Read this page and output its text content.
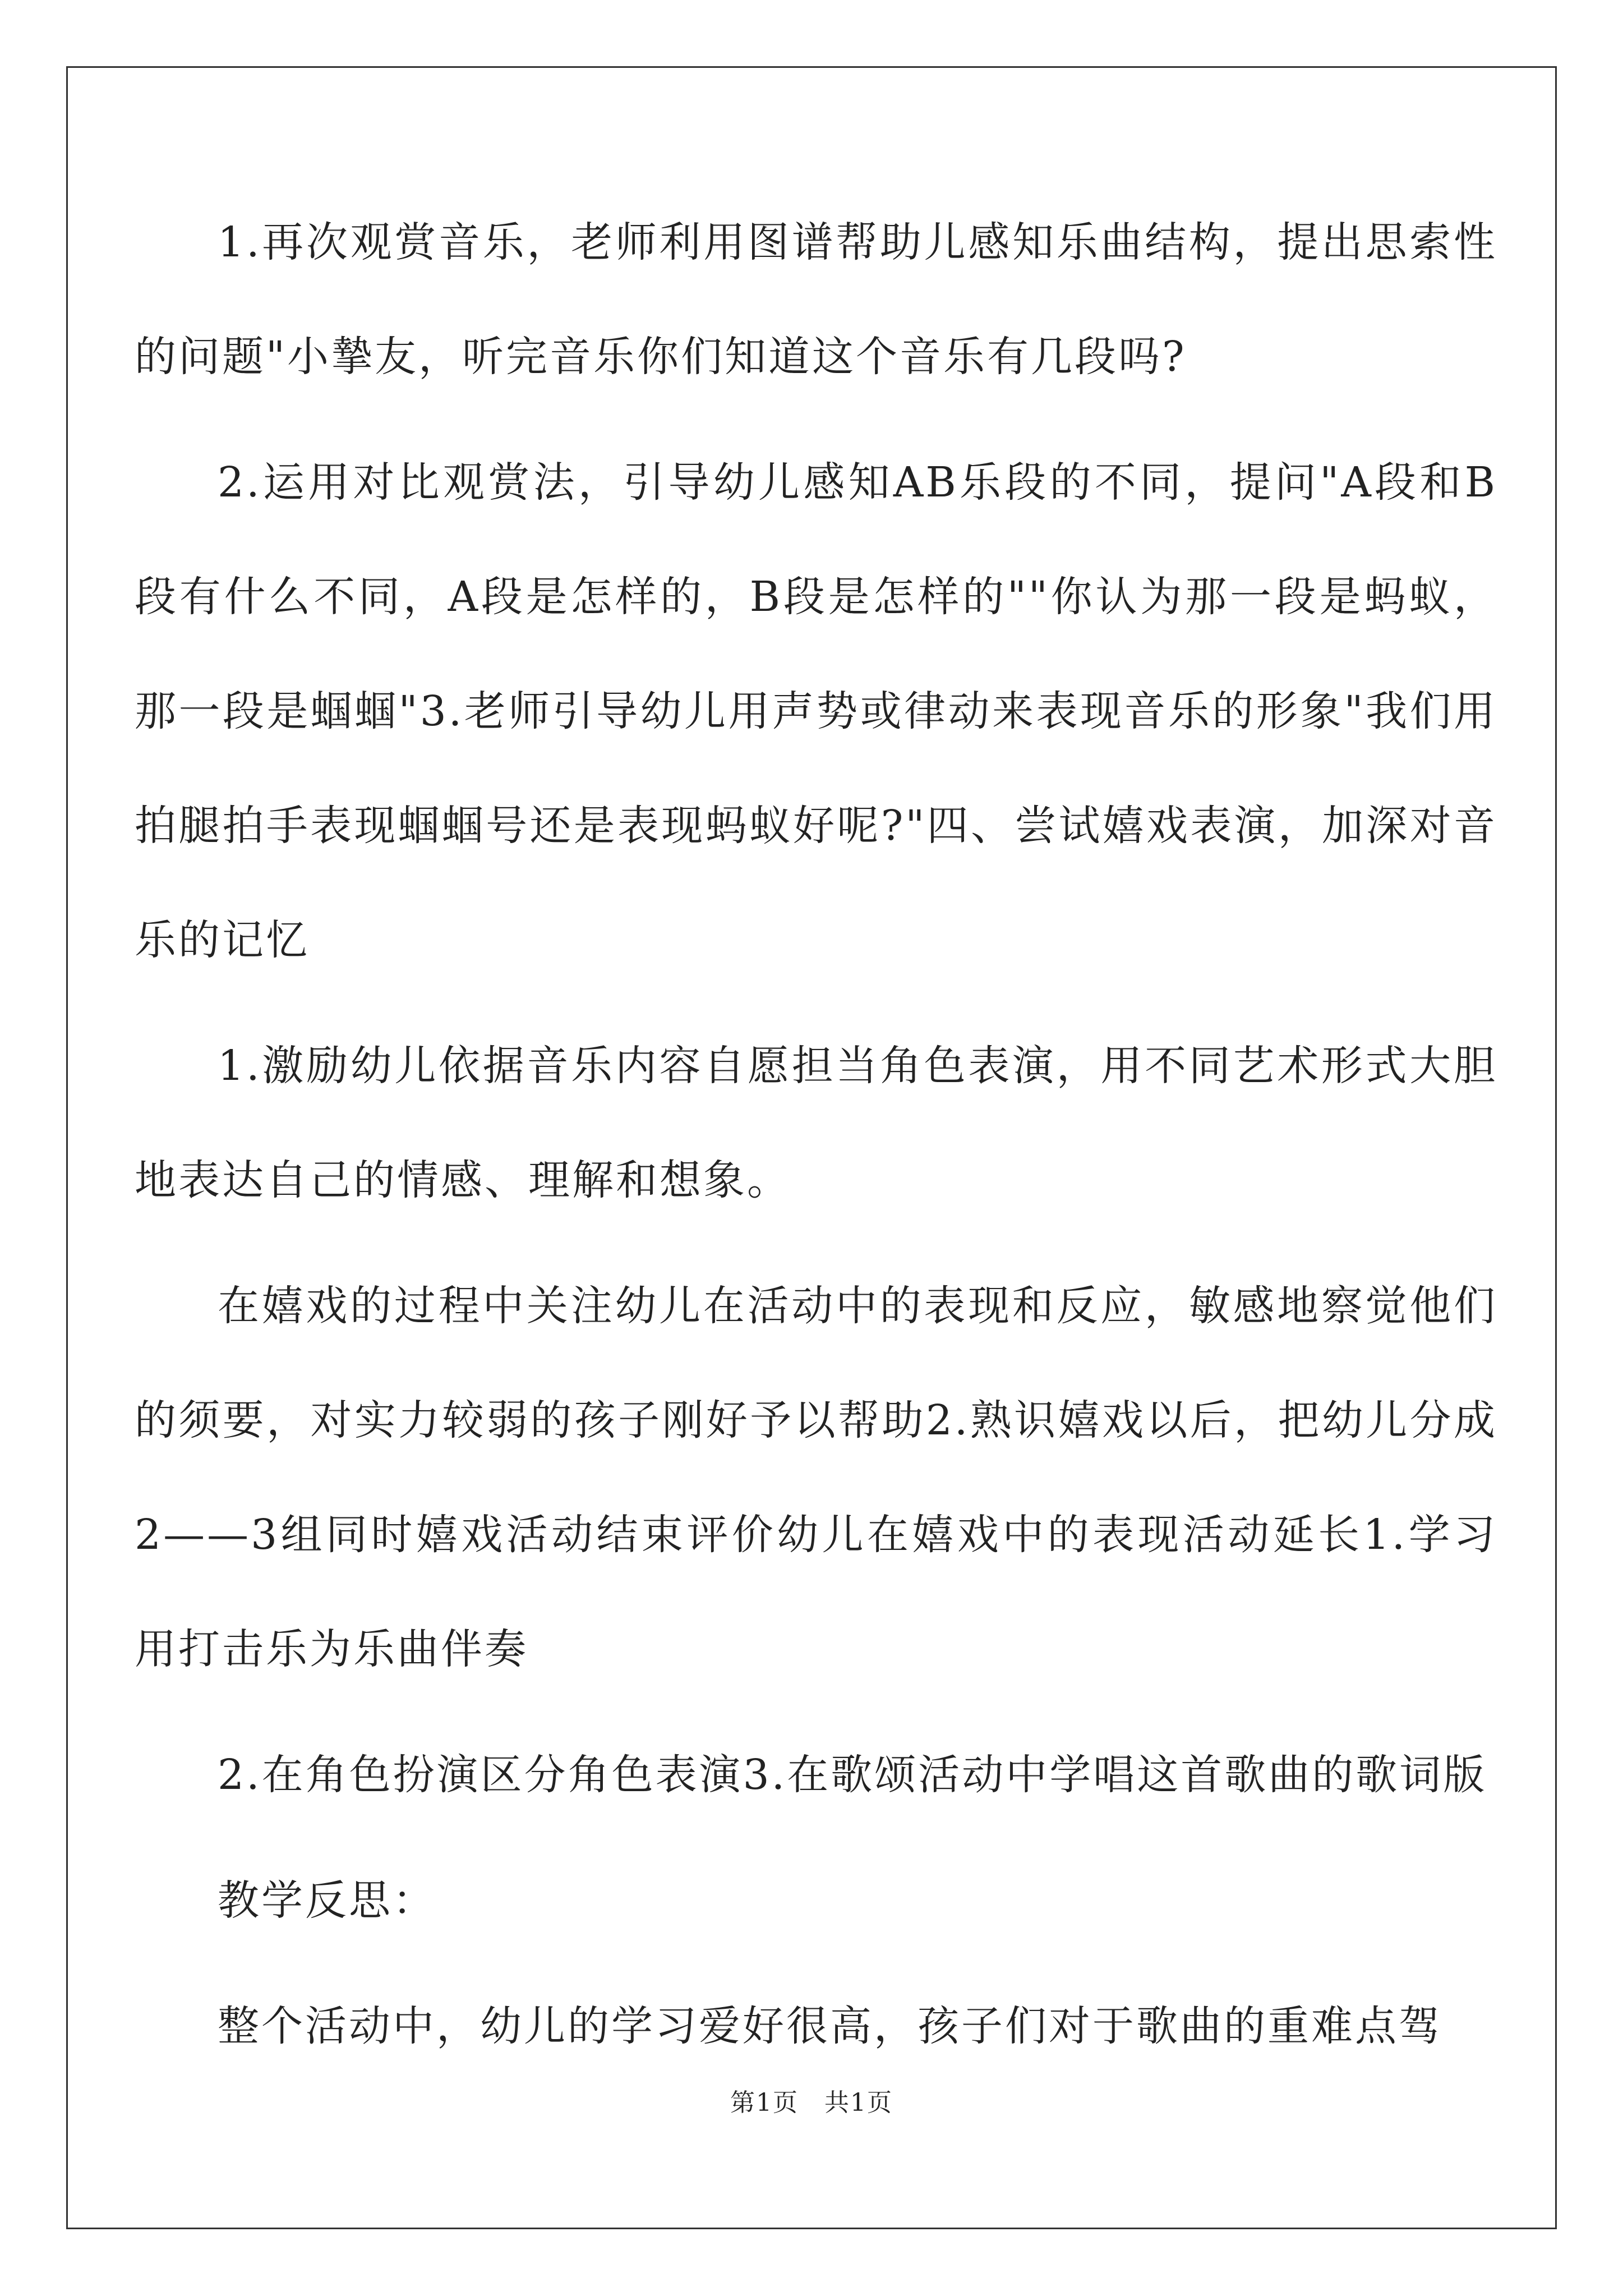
1.再次观赏音乐，老师利用图谱帮助儿感知乐曲结构，提出思索性的问题"小摯友，听完音乐你们知道这个音乐有几段吗?

2.运用对比观赏法，引导幼儿感知AB乐段的不同，提问"A段和B段有什么不同，A段是怎样的，B段是怎样的""你认为那一段是蚂蚁，那一段是蝈蝈"3.老师引导幼儿用声势或律动来表现音乐的形象"我们用拍腿拍手表现蝈蝈号还是表现蚂蚁好呢?"四、尝试嬉戏表演，加深对音乐的记忆

1.激励幼儿依据音乐内容自愿担当角色表演，用不同艺术形式大胆地表达自己的情感、理解和想象。

在嬉戏的过程中关注幼儿在活动中的表现和反应，敏感地察觉他们的须要，对实力较弱的孩子刚好予以帮助2.熟识嬉戏以后，把幼儿分成2——3组同时嬉戏活动结束评价幼儿在嬉戏中的表现活动延长1.学习用打击乐为乐曲伴奏

2.在角色扮演区分角色表演3.在歌颂活动中学唱这首歌曲的歌词版

教学反思：

整个活动中，幼儿的学习爱好很高，孩子们对于歌曲的重难点驾

第1页　共1页
